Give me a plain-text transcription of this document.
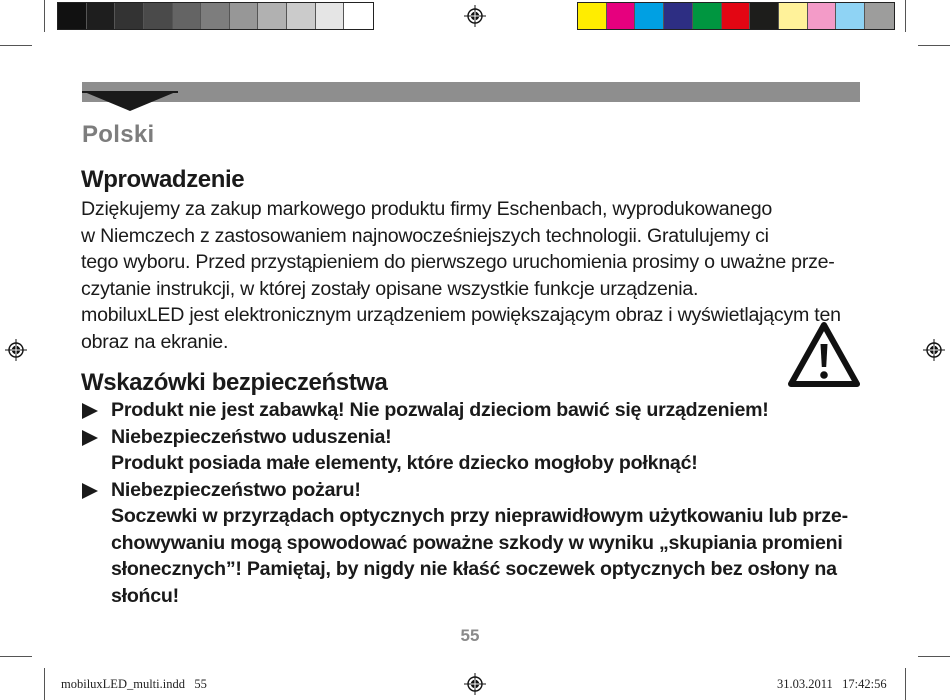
Polski
Wprowadzenie
Dziękujemy za zakup markowego produktu firmy Eschenbach, wyprodukowanego
w Niemczech z zastosowaniem najnowocześniejszych technologii. Gratulujemy ci
tego wyboru. Przed przystąpieniem do pierwszego uruchomienia prosimy o uważne prze-
czytanie instrukcji, w której zostały opisane wszystkie funkcje urządzenia.
mobiluxLED jest elektronicznym urządzeniem powiększającym obraz i wyświetlającym ten
obraz na ekranie.
Wskazówki bezpieczeństwa
Produkt nie jest zabawką! Nie pozwalaj dzieciom bawić się urządzeniem!
Niebezpieczeństwo uduszenia!
Produkt posiada małe elementy, które dziecko mogłoby połknąć!
Niebezpieczeństwo pożaru!
Soczewki w przyrządach optycznych przy nieprawidłowym użytkowaniu lub prze-
chowywaniu mogą spowodować poważne szkody w wyniku „skupiania promieni
słonecznych”! Pamiętaj, by nigdy nie kłaść soczewek optycznych bez osłony na
słońcu!
55
mobiluxLED_multi.indd   55	31.03.2011   17:42:56
